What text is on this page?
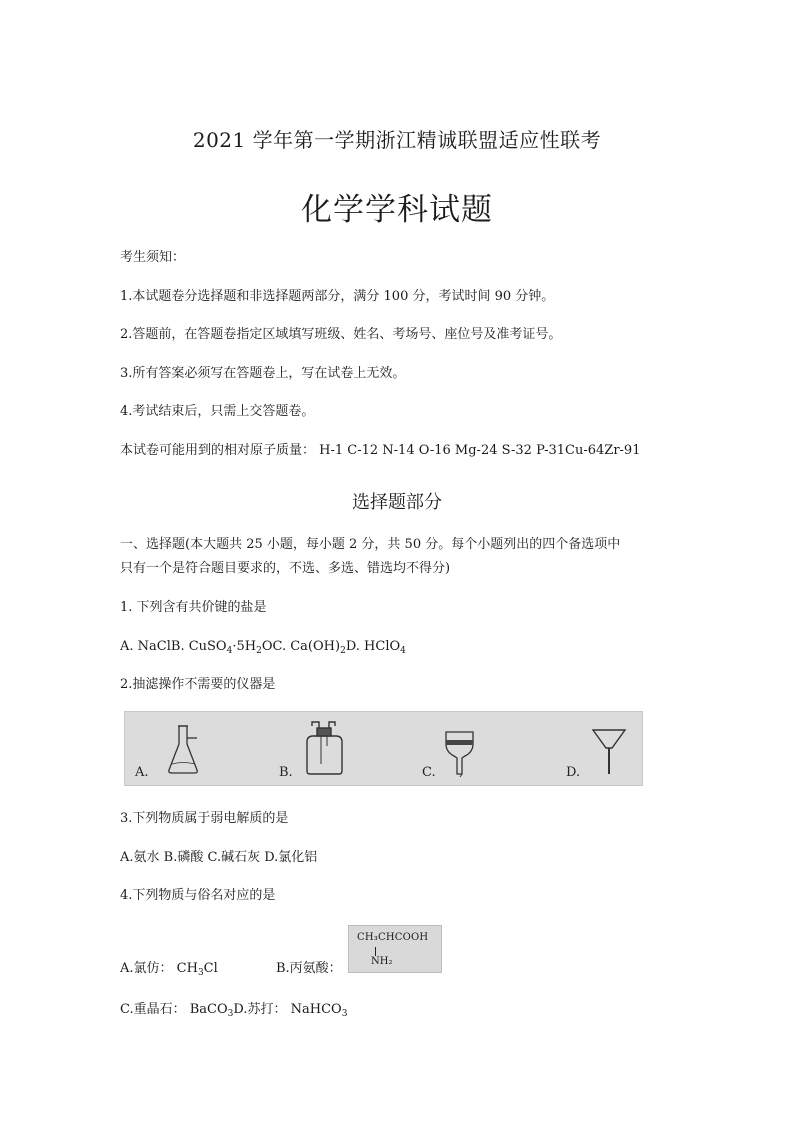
2021 学年第一学期浙江精诚联盟适应性联考
化学学科试题
考生须知：
1.本试题卷分选择题和非选择题两部分，满分 100 分，考试时间 90 分钟。
2.答题前，在答题卷指定区域填写班级、姓名、考场号、座位号及准考证号。
3.所有答案必须写在答题卷上，写在试卷上无效。
4.考试结束后，只需上交答题卷。
本试卷可能用到的相对原子质量： H-1 C-12 N-14 O-16 Mg-24 S-32 P-31Cu-64Zr-91
选择题部分
一、选择题(本大题共 25 小题，每小题 2 分，共 50 分。每个小题列出的四个备选项中
只有一个是符合题目要求的，不选、多选、错选均不得分)
1. 下列含有共价键的盐是
A. NaClB. $CuSO_4\cdot 5H_2OC$. $Ca(OH)_2D$. HClO$_4$
2.抽滤操作不需要的仪器是
A.	B.	C.	D.
3.下列物质属于弱电解质的是
A.氨水 B.磷酸 C.碱石灰 D.氯化铝
4.下列物质与俗名对应的是
A.氯仿： $CH_3Cl$	B.丙氨酸：
CH₃CHCOOH
NH₂
C.重晶石： BaCO$_3$D.苏打： NaHCO$_3$
